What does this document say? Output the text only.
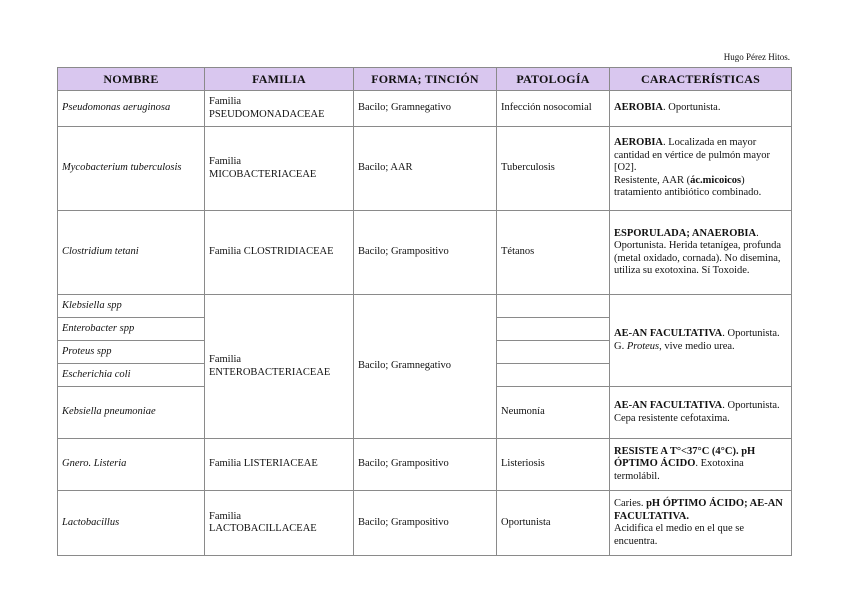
Hugo Pérez Hitos.
NOMBRE	FAMILIA	FORMA; TINCIÓN	PATOLOGÍA	CARACTERÍSTICAS
Pseudomonas aeruginosa	Familia PSEUDOMONADACEAE	Bacilo; Gramnegativo	Infección nosocomial	AEROBIA. Oportunista.
Mycobacterium tuberculosis	Familia MICOBACTERIACEAE	Bacilo; AAR	Tuberculosis	AEROBIA. Localizada en mayor cantidad en vértice de pulmón mayor [O2].
Resistente, AAR (ác.micoicos) tratamiento antibiótico combinado.
Clostridium tetani	Familia CLOSTRIDIACEAE	Bacilo; Grampositivo	Tétanos	ESPORULADA; ANAEROBIA. Oportunista. Herida tetanígea, profunda (metal oxidado, cornada). No disemina, utiliza su exotoxina. Sí Toxoide.
Klebsiella spp	Familia ENTEROBACTERIACEAE	Bacilo; Gramnegativo		AE-AN FACULTATIVA. Oportunista.
G. Proteus, vive medio urea.
Enterobacter spp				
Proteus spp				
Escherichia coli				
Kebsiella pneumoniae			Neumonía	AE-AN FACULTATIVA. Oportunista. Cepa resistente cefotaxima.
Gnero. Listeria	Familia LISTERIACEAE	Bacilo; Grampositivo	Listeriosis	RESISTE A T°<37°C (4°C). pH ÓPTIMO ÁCIDO. Exotoxina termolábil.
Lactobacillus	Familia LACTOBACILLACEAE	Bacilo; Grampositivo	Oportunista	Caries. pH ÓPTIMO ÁCIDO; AE-AN FACULTATIVA.
Acidifica el medio en el que se encuentra.
